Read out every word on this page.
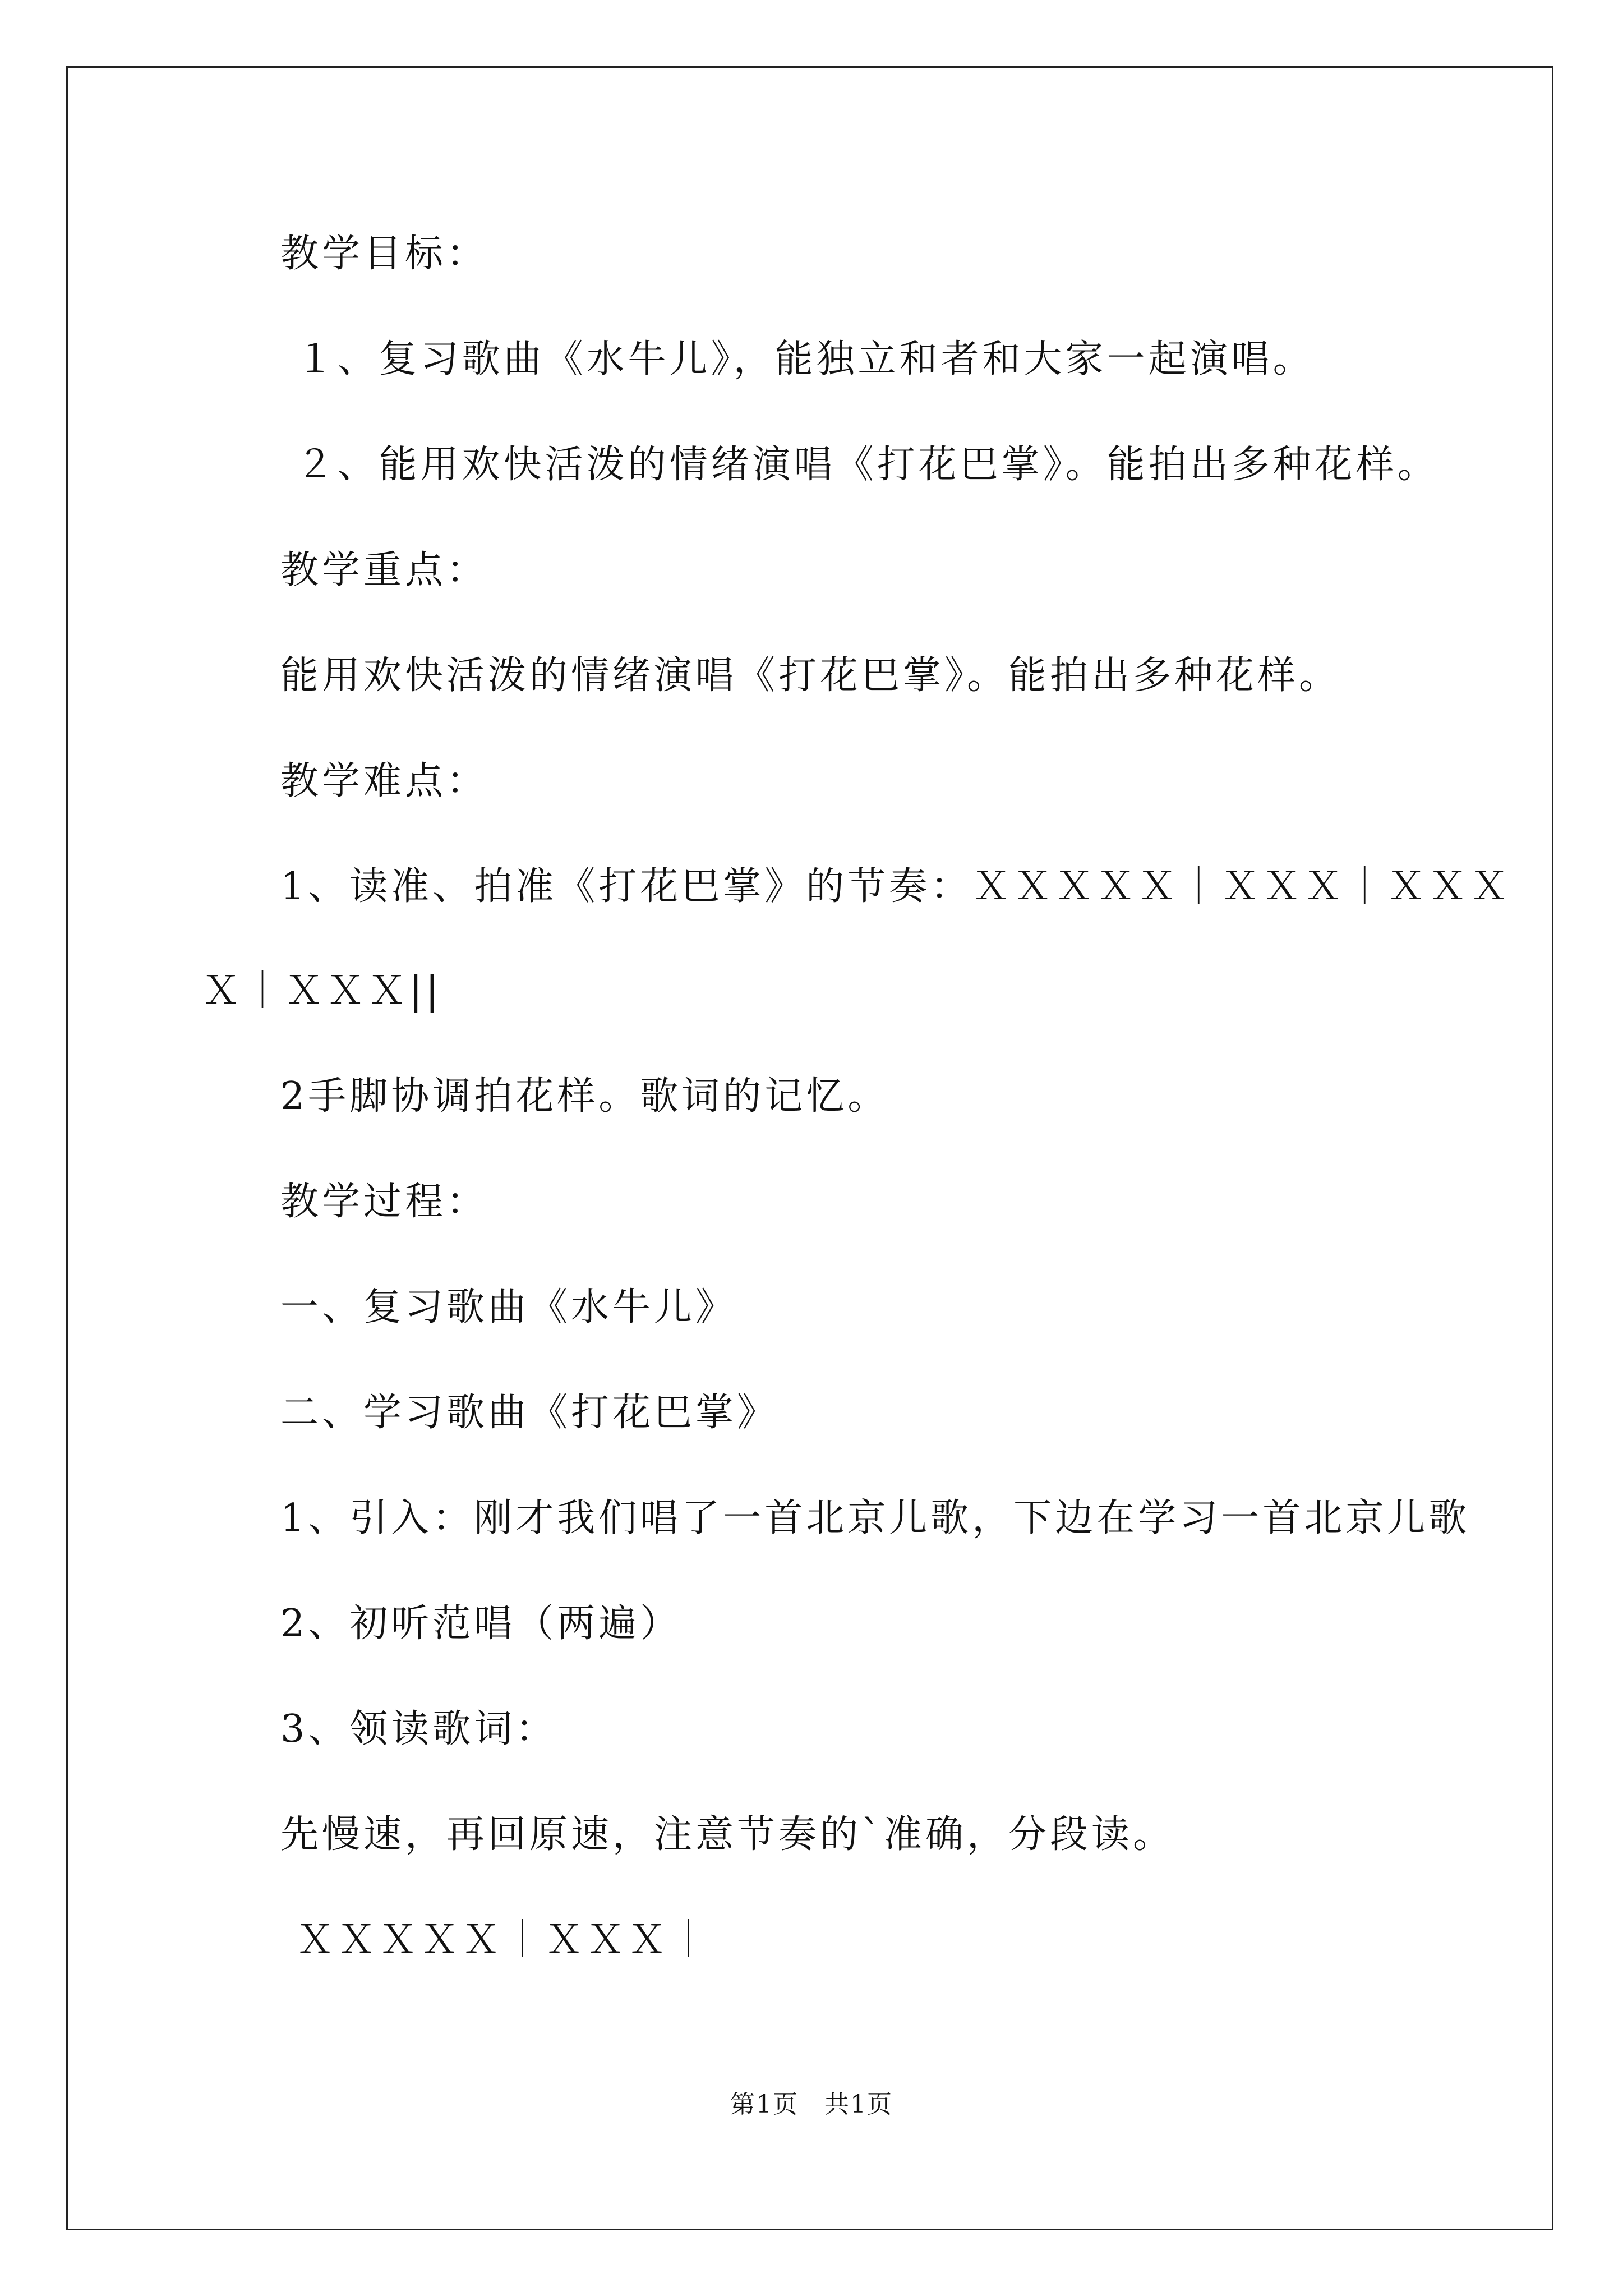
教学目标：
１、复习歌曲《水牛儿》，能独立和者和大家一起演唱。
２、能用欢快活泼的情绪演唱《打花巴掌》。能拍出多种花样。
教学重点：
能用欢快活泼的情绪演唱《打花巴掌》。能拍出多种花样。
教学难点：
1、读准、拍准《打花巴掌》的节奏：ＸＸＸＸＸ｜ＸＸＸ｜ＸＸＸ
Ｘ｜ＸＸＸ||
2手脚协调拍花样。歌词的记忆。
教学过程：
一、复习歌曲《水牛儿》
二、学习歌曲《打花巴掌》
1、引入：刚才我们唱了一首北京儿歌，下边在学习一首北京儿歌
2、初听范唱（两遍）
3、领读歌词：
先慢速，再回原速，注意节奏的`准确，分段读。
ＸＸＸＸＸ｜ＸＸＸ｜
第1页　共1页
